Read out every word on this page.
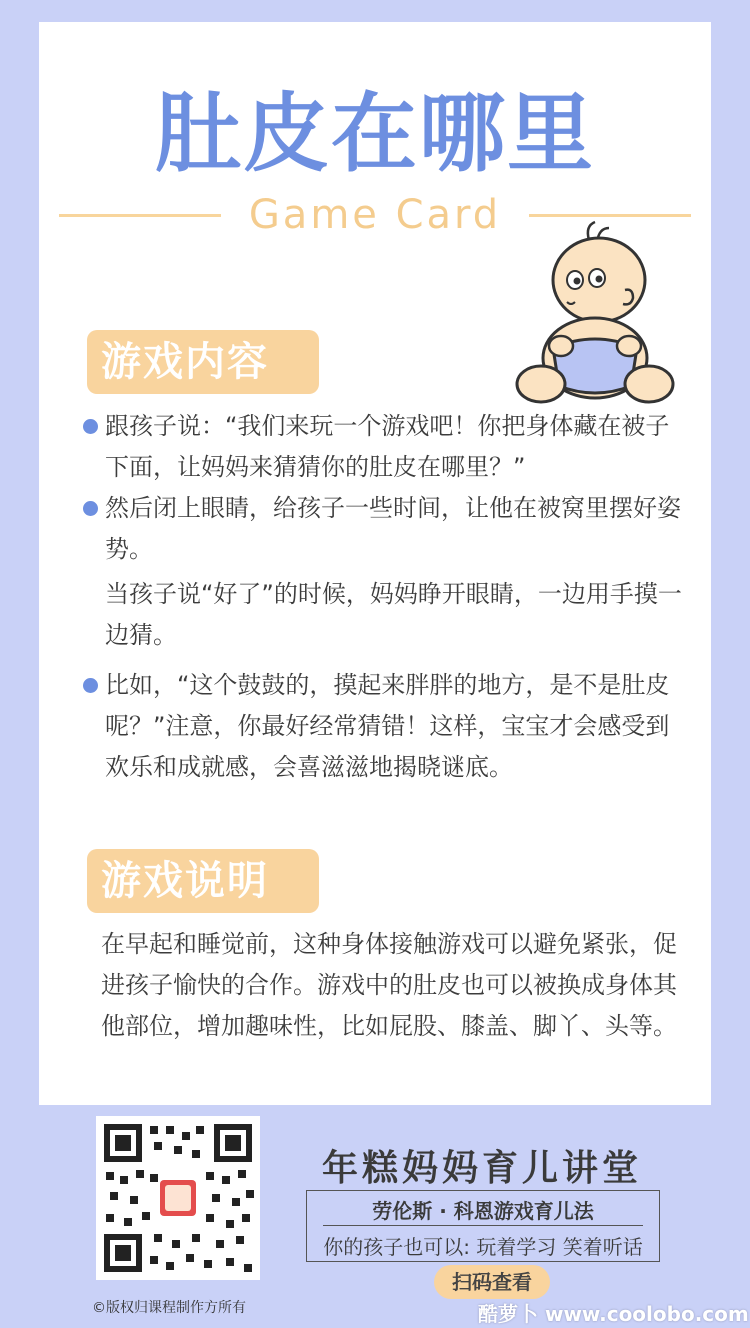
肚皮在哪里
Game Card
游戏内容
跟孩子说：“我们来玩一个游戏吧！你把身体藏在被子下面，让妈妈来猜猜你的肚皮在哪里？”
然后闭上眼睛，给孩子一些时间，让他在被窝里摆好姿势。
当孩子说“好了”的时候，妈妈睁开眼睛，一边用手摸一边猜。
比如，“这个鼓鼓的，摸起来胖胖的地方，是不是肚皮呢？”注意，你最好经常猜错！这样，宝宝才会感受到欢乐和成就感，会喜滋滋地揭晓谜底。
游戏说明
在早起和睡觉前，这种身体接触游戏可以避免紧张，促进孩子愉快的合作。游戏中的肚皮也可以被换成身体其他部位，增加趣味性，比如屁股、膝盖、脚丫、头等。
年糕妈妈育儿讲堂
劳伦斯 · 科恩游戏育儿法
你的孩子也可以: 玩着学习 笑着听话
扫码查看
©版权归课程制作方所有	酷萝卜 www.coolobo.com
